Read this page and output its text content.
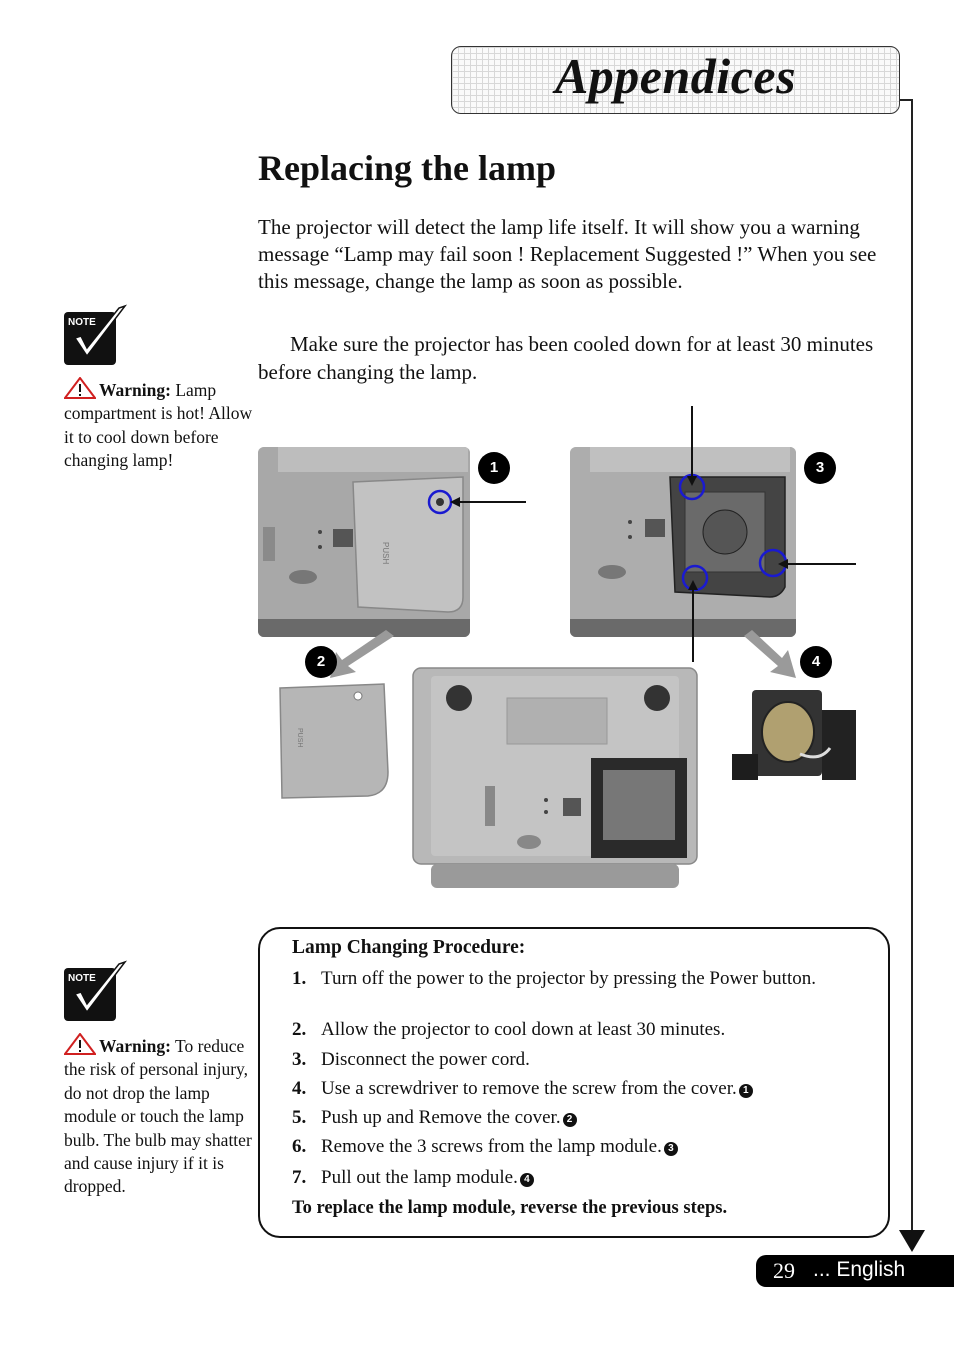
Appendices
Replacing the lamp
The projector will detect the lamp life itself. It will show you a warning message “Lamp may fail soon ! Replacement Suggested !” When you see this message, change the lamp as soon as possible.
Make sure the projector has been cooled down for at least 30 minutes before changing the lamp.
NOTE
Warning: Lamp compartment is hot! Allow it to cool down before changing lamp!
NOTE
Warning: To reduce the risk of personal injury, do not drop the lamp module or touch the lamp bulb. The bulb may shatter and cause injury if it is dropped.
PUSH
1	3
2	4
PUSH
Lamp Changing Procedure:
1. Turn off the power to the projector by pressing the Power button.
2. Allow the projector to cool down at least 30 minutes.
3. Disconnect the power cord.
4. Use a screwdriver to remove the screw from the cover. 1
5. Push up and Remove the cover. 2
6. Remove the 3 screws from the lamp module. 3
7. Pull out the lamp module. 4
To replace the lamp module, reverse the previous steps.
29 ... English
